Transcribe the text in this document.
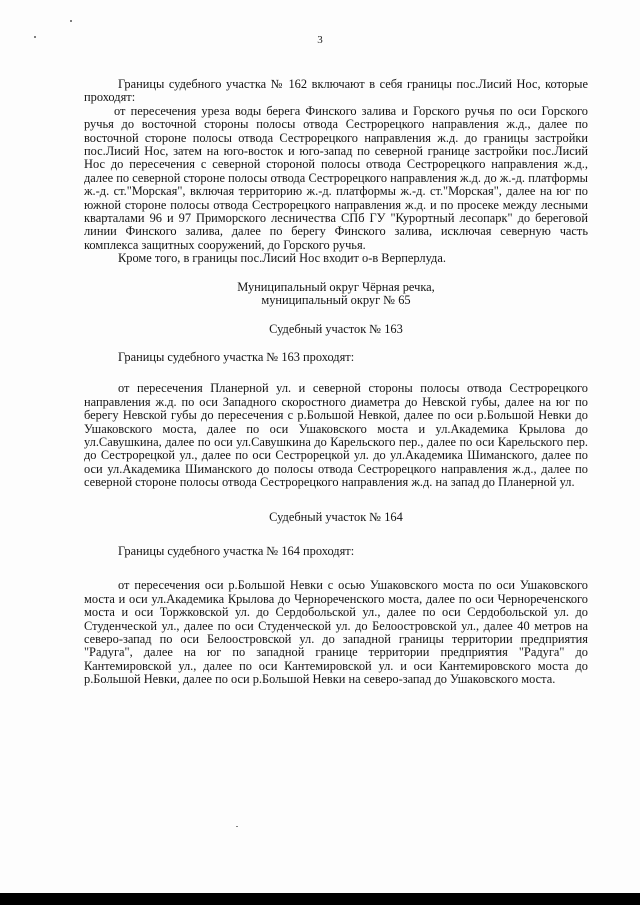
3

Границы судебного участка № 162 включают в себя границы пос.Лисий Нос, которые проходят:

от пересечения уреза воды берега Финского залива и Горского ручья по оси Горского ручья до восточной стороны полосы отвода Сестрорецкого направления ж.д., далее по восточной стороне полосы отвода Сестрорецкого направления ж.д. до границы застройки пос.Лисий Нос, затем на юго-восток и юго-запад по северной границе застройки пос.Лисий Нос до пересечения с северной стороной полосы отвода Сестрорецкого направления ж.д., далее по северной стороне полосы отвода Сестрорецкого направления ж.д. до ж.-д. платформы ж.-д. ст."Морская", включая территорию ж.-д. платформы ж.-д. ст."Морская", далее на юг по южной стороне полосы отвода Сестрорецкого направления ж.д. и по просеке между лесными кварталами 96 и 97 Приморского лесничества СПб ГУ "Курортный лесопарк" до береговой линии Финского залива, далее по берегу Финского залива, исключая северную часть комплекса защитных сооружений, до Горского ручья.

Кроме того, в границы пос.Лисий Нос входит о-в Верперлуда.

Муниципальный округ Чёрная речка,

муниципальный округ № 65

Судебный участок № 163

Границы судебного участка № 163 проходят:

от пересечения Планерной ул. и северной стороны полосы отвода Сестрорецкого направления ж.д. по оси Западного скоростного диаметра до Невской губы, далее на юг по берегу Невской губы до пересечения с р.Большой Невкой, далее по оси р.Большой Невки до Ушаковского моста, далее по оси Ушаковского моста и ул.Академика Крылова до ул.Савушкина, далее по оси ул.Савушкина до Карельского пер., далее по оси Карельского пер. до Сестрорецкой ул., далее по оси Сестрорецкой ул. до ул.Академика Шиманского, далее по оси ул.Академика Шиманского до полосы отвода Сестрорецкого направления ж.д., далее по северной стороне полосы отвода Сестрорецкого направления ж.д. на запад до Планерной ул.

Судебный участок № 164

Границы судебного участка № 164 проходят:

от пересечения оси р.Большой Невки с осью Ушаковского моста по оси Ушаковского моста и оси ул.Академика Крылова до Чернореченского моста, далее по оси Чернореченского моста и оси Торжковской ул. до Сердобольской ул., далее по оси Сердобольской ул. до Студенческой ул., далее по оси Студенческой ул. до Белоостровской ул., далее 40 метров на северо-запад по оси Белоостровской ул. до западной границы территории предприятия "Радуга", далее на юг по западной границе территории предприятия "Радуга" до Кантемировской ул., далее по оси Кантемировской ул. и оси Кантемировского моста до р.Большой Невки, далее по оси р.Большой Невки на северо-запад до Ушаковского моста.
